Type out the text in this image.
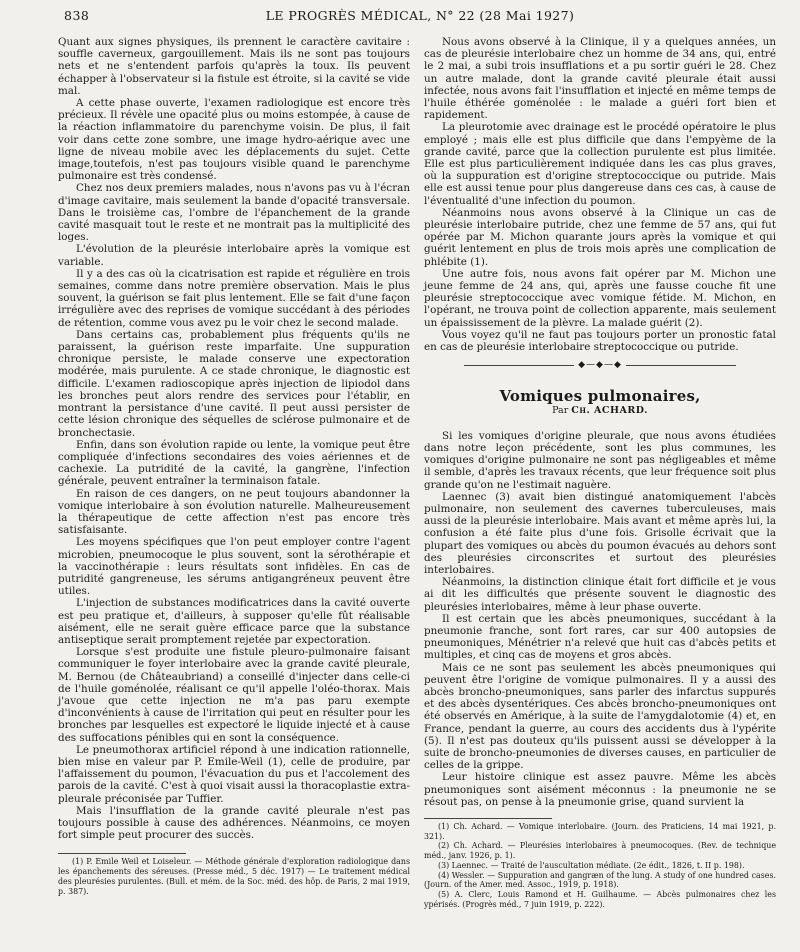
LE PROGRÈS MÉDICAL, N° 22 (28 Mai 1927)
838

Quant aux signes physiques, ils prennent le caractère cavitaire : souffle caverneux, gargouillement. Mais ils ne sont pas toujours nets et ne s'entendent parfois qu'après la toux. Ils peuvent échapper à l'observateur si la fistule est étroite, si la cavité se vide mal.

A cette phase ouverte, l'examen radiologique est encore très précieux. Il révèle une opacité plus ou moins estompée, à cause de la réaction inflammatoire du parenchyme voisin. De plus, il fait voir dans cette zone sombre, une image hydro-aérique avec une ligne de niveau mobile avec les déplacements du sujet. Cette image,toutefois, n'est pas toujours visible quand le parenchyme pulmonaire est très condensé.

Chez nos deux premiers malades, nous n'avons pas vu à l'écran d'image cavitaire, mais seulement la bande d'opacité transversale. Dans le troisième cas, l'ombre de l'épanchement de la grande cavité masquait tout le reste et ne montrait pas la multiplicité des loges.

L'évolution de la pleurésie interlobaire après la vomique est variable.

Il y a des cas où la cicatrisation est rapide et régulière en trois semaines, comme dans notre première observation. Mais le plus souvent, la guérison se fait plus lentement. Elle se fait d'une façon irrégulière avec des reprises de vomique succédant à des périodes de rétention, comme vous avez pu le voir chez le second malade.

Dans certains cas, probablement plus fréquents qu'ils ne paraissent, la guérison reste imparfaite. Une suppuration chronique persiste, le malade conserve une expectoration modérée, mais purulente. A ce stade chronique, le diagnostic est difficile. L'examen radioscopique après injection de lipiodol dans les bronches peut alors rendre des services pour l'établir, en montrant la persistance d'une cavité. Il peut aussi persister de cette lésion chronique des séquelles de sclérose pulmonaire et de bronchectasie.

Enfin, dans son évolution rapide ou lente, la vomique peut être compliquée d'infections secondaires des voies aériennes et de cachexie. La putridité de la cavité, la gangrène, l'infection générale, peuvent entraîner la terminaison fatale.

En raison de ces dangers, on ne peut toujours abandonner la vomique interlobaire à son évolution naturelle. Malheureusement la thérapeutique de cette affection n'est pas encore très satisfaisante.

Les moyens spécifiques que l'on peut employer contre l'agent microbien, pneumocoque le plus souvent, sont la sérothérapie et la vaccinothérapie : leurs résultats sont infidèles. En cas de putridité gangreneuse, les sérums antigangréneux peuvent être utiles.

L'injection de substances modificatrices dans la cavité ouverte est peu pratique et, d'ailleurs, à supposer qu'elle fût réalisable aisément, elle ne serait guère efficace parce que la substance antiseptique serait promptement rejetée par expectoration.

Lorsque s'est produite une fistule pleuro-pulmonaire faisant communiquer le foyer interlobaire avec la grande cavité pleurale, M. Bernou (de Châteaubriand) a conseillé d'injecter dans celle-ci de l'huile goménolée, réalisant ce qu'il appelle l'oléo-thorax. Mais j'avoue que cette injection ne m'a pas paru exempte d'inconvénients à cause de l'irritation qui peut en résulter pour les bronches par lesquelles est expectoré le liquide injecté et à cause des suffocations pénibles qui en sont la conséquence.

Le pneumothorax artificiel répond à une indication rationnelle, bien mise en valeur par P. Emile-Weil (1), celle de produire, par l'affaissement du poumon, l'évacuation du pus et l'accolement des parois de la cavité. C'est à quoi visait aussi la thoracoplastie extra-pleurale préconisée par Tuffier.

Mais l'insufflation de la grande cavité pleurale n'est pas toujours possible à cause des adhérences. Néanmoins, ce moyen fort simple peut procurer des succès.

(1) P. Emile Weil et Loiseleur. — Méthode générale d'exploration radiologique dans les épanchements des séreuses. (Presse méd., 5 déc. 1917) — Le traitement médical des pleurésies purulentes. (Bull. et mém. de la Soc. méd. des hôp. de Paris, 2 mai 1919, p. 387).

Nous avons observé à la Clinique, il y a quelques années, un cas de pleurésie interlobaire chez un homme de 34 ans, qui, entré le 2 mai, a subi trois insufflations et a pu sortir guéri le 28. Chez un autre malade, dont la grande cavité pleurale était aussi infectée, nous avons fait l'insufflation et injecté en même temps de l'huile éthérée goménolée : le malade a guéri fort bien et rapidement.

La pleurotomie avec drainage est le procédé opératoire le plus employé ; mais elle est plus difficile que dans l'empyème de la grande cavité, parce que la collection purulente est plus limitée. Elle est plus particulièrement indiquée dans les cas plus graves, où la suppuration est d'origine streptococcique ou putride. Mais elle est aussi tenue pour plus dangereuse dans ces cas, à cause de l'éventualité d'une infection du poumon.

Néanmoins nous avons observé à la Clinique un cas de pleurésie interlobaire putride, chez une femme de 57 ans, qui fut opérée par M. Michon quarante jours après la vomique et qui guérit lentement en plus de trois mois après une complication de phlébite (1).

Une autre fois, nous avons fait opérer par M. Michon une jeune femme de 24 ans, qui, après une fausse couche fit une pleurésie streptococcique avec vomique fétide. M. Michon, en l'opérant, ne trouva point de collection apparente, mais seulement un épaississement de la plèvre. La malade guérit (2).

Vous voyez qu'il ne faut pas toujours porter un pronostic fatal en cas de pleurésie interlobaire streptococcique ou putride.

◆—◆—◆
Vomiques pulmonaires,
Par Ch. ACHARD.

Si les vomiques d'origine pleurale, que nous avons étudiées dans notre leçon précédente, sont les plus communes, les vomiques d'origine pulmonaire ne sont pas négligeables et même il semble, d'après les travaux récents, que leur fréquence soit plus grande qu'on ne l'estimait naguère.

Laennec (3) avait bien distingué anatomiquement l'abcès pulmonaire, non seulement des cavernes tuberculeuses, mais aussi de la pleurésie interlobaire. Mais avant et même après lui, la confusion a été faite plus d'une fois. Grisolle écrivait que la plupart des vomiques ou abcès du poumon évacués au dehors sont des pleurésies circonscrites et surtout des pleurésies interlobaires.

Néanmoins, la distinction clinique était fort difficile et je vous ai dit les difficultés que présente souvent le diagnostic des pleurésies interlobaires, même à leur phase ouverte.

Il est certain que les abcès pneumoniques, succédant à la pneumonie franche, sont fort rares, car sur 400 autopsies de pneumoniques, Ménétrier n'a relevé que huit cas d'abcès petits et multiples, et cinq cas de moyens et gros abcès.

Mais ce ne sont pas seulement les abcès pneumoniques qui peuvent être l'origine de vomique pulmonaires. Il y a aussi des abcès broncho-pneumoniques, sans parler des infarctus suppurés et des abcès dysentériques. Ces abcès broncho-pneumoniques ont été observés en Amérique, à la suite de l'amygdalotomie (4) et, en France, pendant la guerre, au cours des accidents dus à l'ypérite (5). Il n'est pas douteux qu'ils puissent aussi se développer à la suite de broncho-pneumonies de diverses causes, en particulier de celles de la grippe.

Leur histoire clinique est assez pauvre. Même les abcès pneumoniques sont aisément méconnus : la pneumonie ne se résout pas, on pense à la pneumonie grise, quand survient la

(1) Ch. Achard. — Vomique interlobaire. (Journ. des Praticiens, 14 mai 1921, p. 321).

(2) Ch. Achard. — Pleurésies interlobaires à pneumocoques. (Rev. de technique méd., janv. 1926, p. 1).

(3) Laennec. — Traité de l'auscultation médiate. (2e édit., 1826, t. II p. 198).

(4) Wessler. — Suppuration and gangræn of the lung. A study of one hundred cases. (Journ. of the Amer. med. Assoc., 1919, p. 1918).

(5) A. Clerc, Louis Ramond et H. Guilhaume. — Abcès pulmonaires chez les ypérisés. (Progrès méd., 7 juin 1919, p. 222).
